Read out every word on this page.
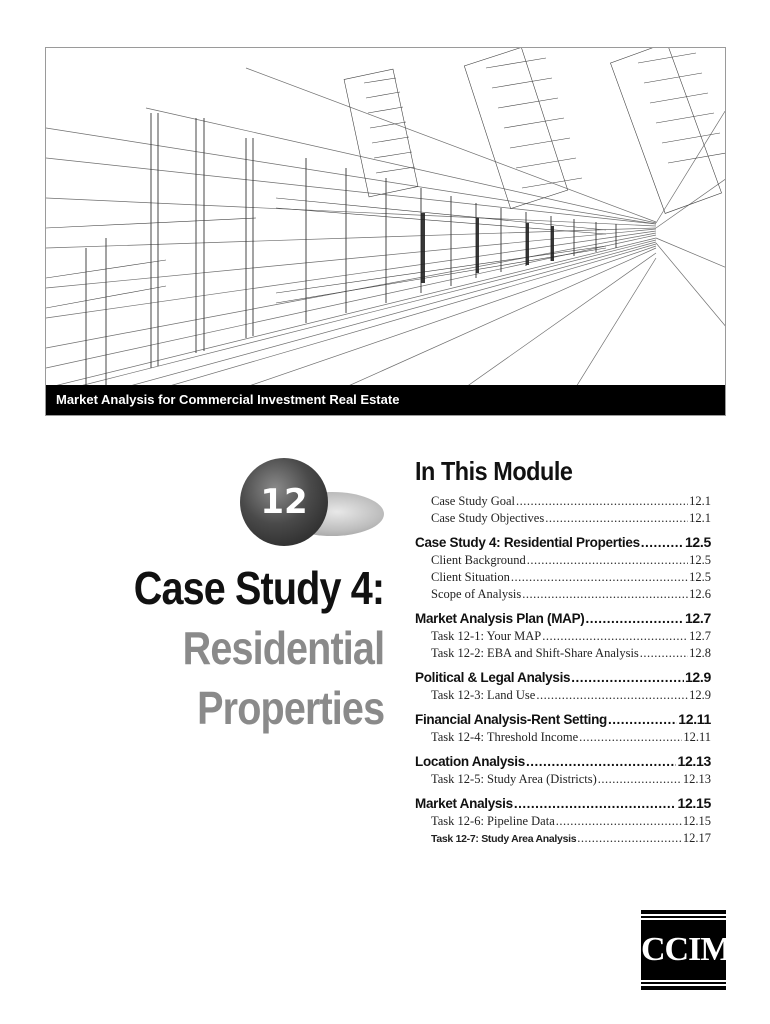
Market Analysis for Commercial Investment Real Estate
12
Case Study 4:
Residential
Properties
In This Module
Case Study Goal .....	12.1
Case Study Objectives .....	12.1
Case Study 4: Residential Properties .....	12.5
Client Background .....	12.5
Client Situation .....	12.5
Scope of Analysis .....	12.6
Market Analysis Plan (MAP) .....	12.7
Task 12-1: Your MAP .....	12.7
Task 12-2: EBA and Shift-Share Analysis .....	12.8
Political & Legal Analysis .....	12.9
Task 12-3: Land Use .....	12.9
Financial Analysis-Rent Setting .....	12.11
Task 12-4: Threshold Income .....	12.11
Location Analysis .....	12.13
Task 12-5: Study Area (Districts) .....	12.13
Market Analysis .....	12.15
Task 12-6: Pipeline Data .....	12.15
Task 12-7: Study Area Analysis .....	12.17
CCIM
